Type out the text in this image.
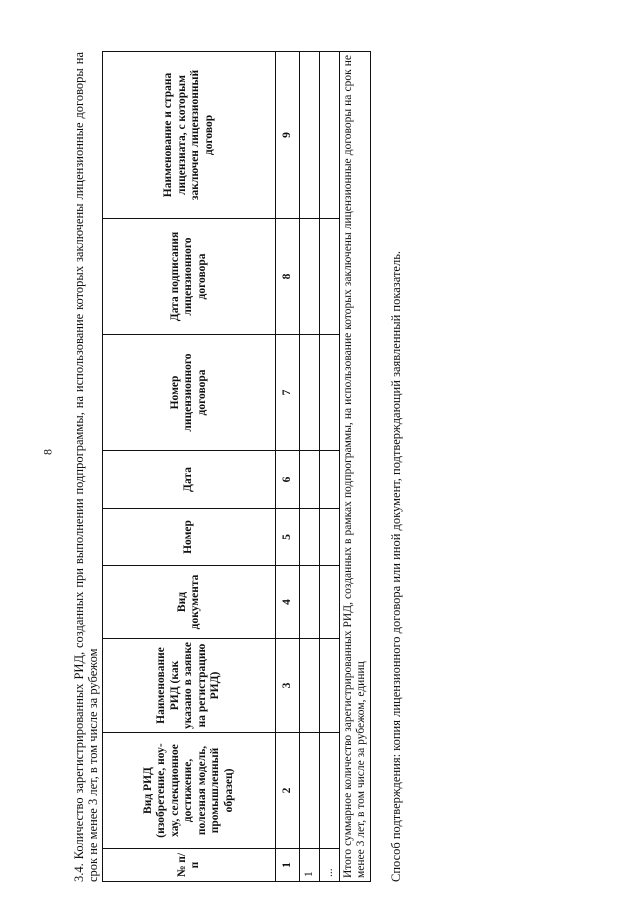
8 3.4. Количество зарегистрированных РИД, созданных при выполнении подпрограммы, на использование которых заключены лицензионные договоры на срок не менее 3 лет, в том числе за рубежом	№ п/п	Вид РИД (изобретение, ноу-хау, селекционное достижение, полезная модель, промышленный образец)	Наименование РИД (как указано в заявке на регистрацию РИД)	Вид документа	Номер	Дата	Номер лицензионного договора	Дата подписания лицензионного договора	Наименование и страна лицензиата, с которым заключен лицензионный договор
1	2	3	4	5	6	7	8	9
1								
...								
Итого суммарное количество зарегистрированных РИД, созданных в рамках подпрограммы, на использование которых заключены лицензионные договоры на срок не менее 3 лет, в том числе за рубежом, единиц								Способ подтверждения: копия лицензионного договора или иной документ, подтверждающий заявленный показатель.
